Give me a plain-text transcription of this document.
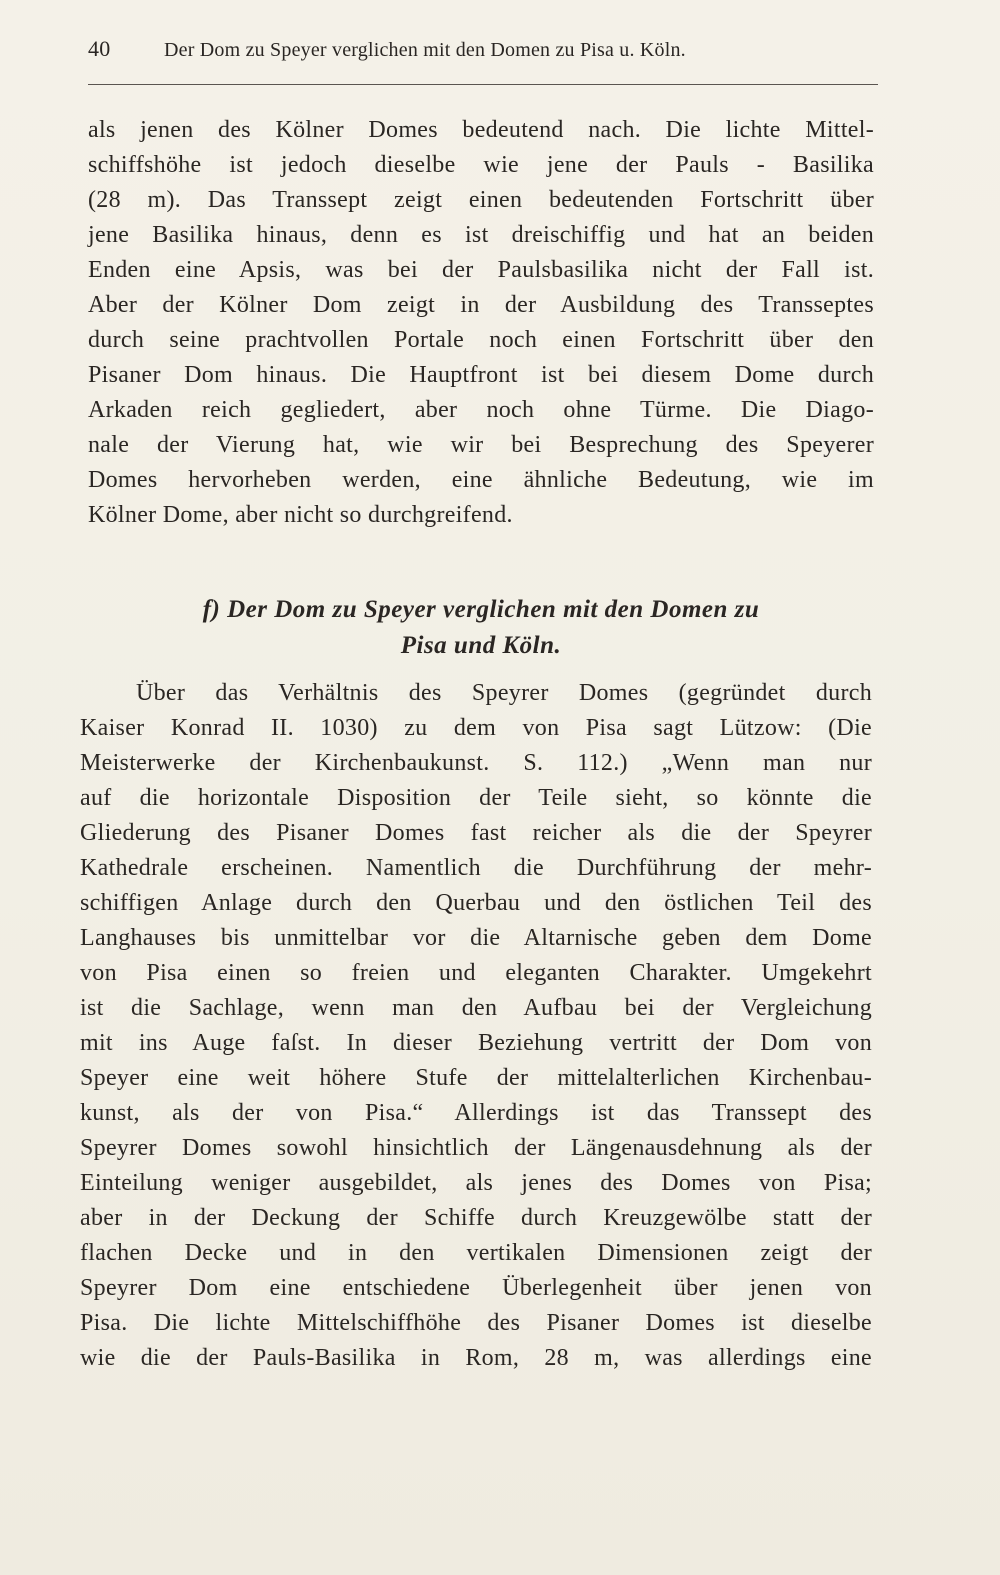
40	Der Dom zu Speyer verglichen mit den Domen zu Pisa u. Köln.
als jenen des Kölner Domes bedeutend nach. Die lichte Mittel-
schiffshöhe ist jedoch dieselbe wie jene der Pauls - Basilika
(28 m). Das Transsept zeigt einen bedeutenden Fortschritt über
jene Basilika hinaus, denn es ist dreischiffig und hat an beiden
Enden eine Apsis, was bei der Paulsbasilika nicht der Fall ist.
Aber der Kölner Dom zeigt in der Ausbildung des Transseptes
durch seine prachtvollen Portale noch einen Fortschritt über den
Pisaner Dom hinaus. Die Hauptfront ist bei diesem Dome durch
Arkaden reich gegliedert, aber noch ohne Türme. Die Diago-
nale der Vierung hat, wie wir bei Besprechung des Speyerer
Domes hervorheben werden, eine ähnliche Bedeutung, wie im
Kölner Dome, aber nicht so durchgreifend.
f) Der Dom zu Speyer verglichen mit den Domen zu
Pisa und Köln.
Über das Verhältnis des Speyrer Domes (gegründet durch
Kaiser Konrad II. 1030) zu dem von Pisa sagt Lützow: (Die
Meisterwerke der Kirchenbaukunst. S. 112.) „Wenn man nur
auf die horizontale Disposition der Teile sieht, so könnte die
Gliederung des Pisaner Domes fast reicher als die der Speyrer
Kathedrale erscheinen. Namentlich die Durchführung der mehr-
schiffigen Anlage durch den Querbau und den östlichen Teil des
Langhauses bis unmittelbar vor die Altarnische geben dem Dome
von Pisa einen so freien und eleganten Charakter. Umgekehrt
ist die Sachlage, wenn man den Aufbau bei der Vergleichung
mit ins Auge faſst. In dieser Beziehung vertritt der Dom von
Speyer eine weit höhere Stufe der mittelalterlichen Kirchenbau-
kunst, als der von Pisa.“ Allerdings ist das Transsept des
Speyrer Domes sowohl hinsichtlich der Längenausdehnung als der
Einteilung weniger ausgebildet, als jenes des Domes von Pisa;
aber in der Deckung der Schiffe durch Kreuzgewölbe statt der
flachen Decke und in den vertikalen Dimensionen zeigt der
Speyrer Dom eine entschiedene Überlegenheit über jenen von
Pisa. Die lichte Mittelschiffhöhe des Pisaner Domes ist dieselbe
wie die der Pauls-Basilika in Rom, 28 m, was allerdings eine
